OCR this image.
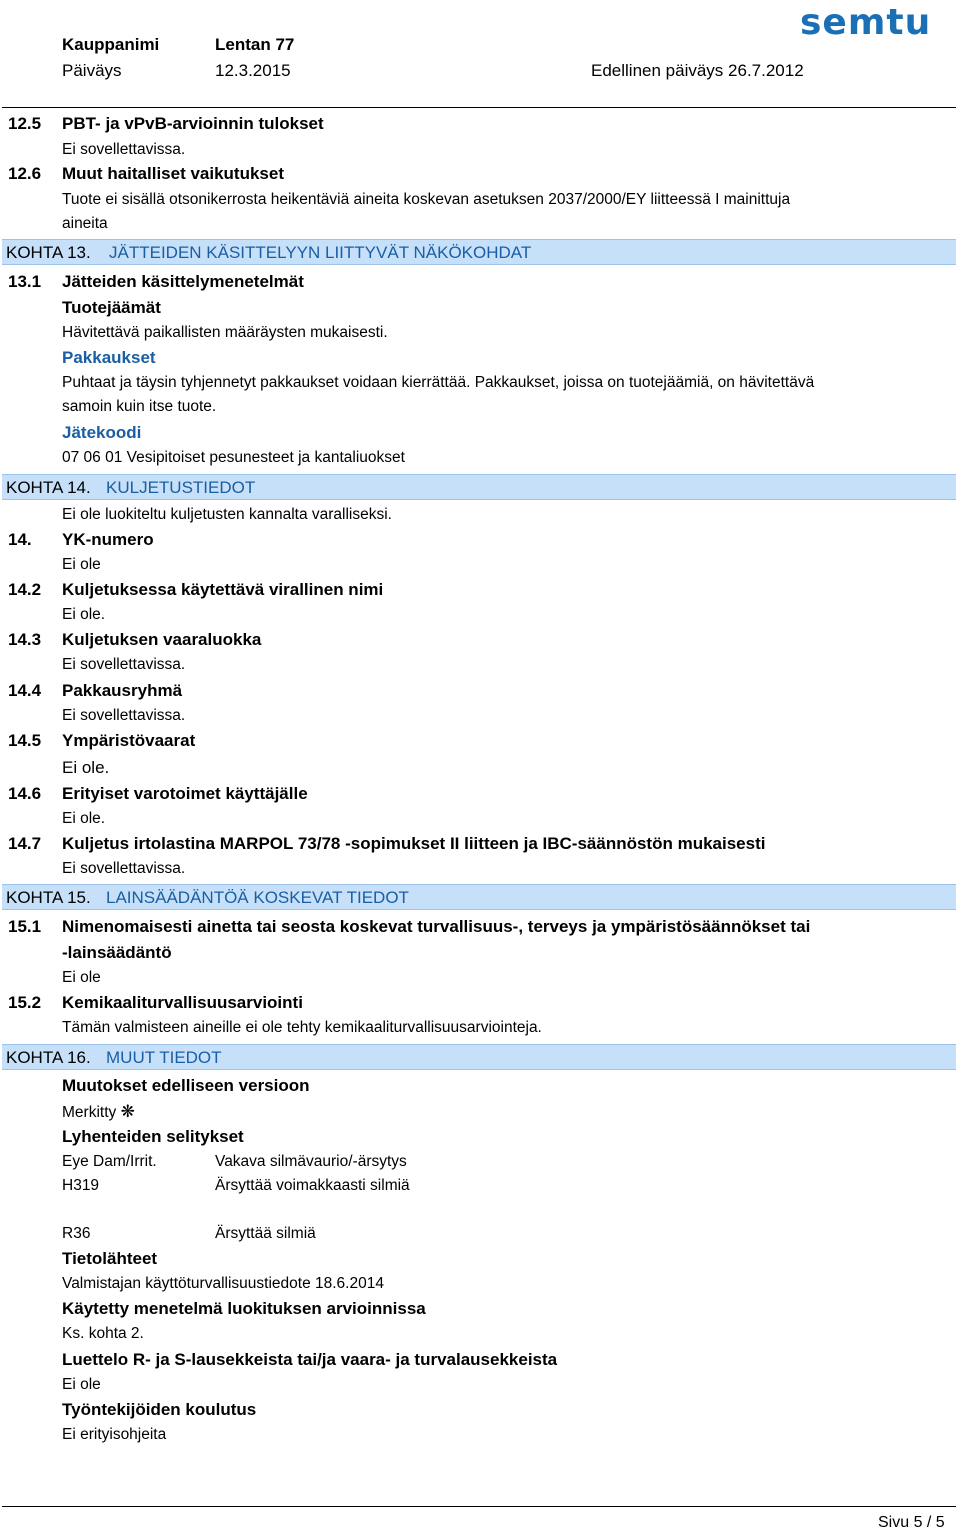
Kauppanimi	Lentan 77
Päiväys	12.3.2015	Edellinen päiväys 26.7.2012
semtu
12.5 PBT- ja vPvB-arvioinnin tulokset
Ei sovellettavissa.
12.6 Muut haitalliset vaikutukset
Tuote ei sisällä otsonikerrosta heikentäviä aineita koskevan asetuksen 2037/2000/EY liitteessä I mainittuja
aineita
KOHTA 13. JÄTTEIDEN KÄSITTELYYN LIITTYVÄT NÄKÖKOHDAT
13.1 Jätteiden käsittelymenetelmät
Tuotejäämät
Hävitettävä paikallisten määräysten mukaisesti.
Pakkaukset
Puhtaat ja täysin tyhjennetyt pakkaukset voidaan kierrättää. Pakkaukset, joissa on tuotejäämiä, on hävitettävä
samoin kuin itse tuote.
Jätekoodi
07 06 01 Vesipitoiset pesunesteet ja kantaliuokset
KOHTA 14. KULJETUSTIEDOT
Ei ole luokiteltu kuljetusten kannalta varalliseksi.
14. YK-numero
Ei ole
14.2 Kuljetuksessa käytettävä virallinen nimi
Ei ole.
14.3 Kuljetuksen vaaraluokka
Ei sovellettavissa.
14.4 Pakkausryhmä
Ei sovellettavissa.
14.5 Ympäristövaarat
Ei ole.
14.6 Erityiset varotoimet käyttäjälle
Ei ole.
14.7 Kuljetus irtolastina MARPOL 73/78 -sopimukset II liitteen ja IBC-säännöstön mukaisesti
Ei sovellettavissa.
KOHTA 15. LAINSÄÄDÄNTÖÄ KOSKEVAT TIEDOT
15.1 Nimenomaisesti ainetta tai seosta koskevat turvallisuus-, terveys ja ympäristösäännökset tai
-lainsäädäntö
Ei ole
15.2 Kemikaaliturvallisuusarviointi
Tämän valmisteen aineille ei ole tehty kemikaaliturvallisuusarviointeja.
KOHTA 16. MUUT TIEDOT
Muutokset edelliseen versioon
Merkitty ❋
Lyhenteiden selitykset
Eye Dam/Irrit.	Vakava silmävaurio/-ärsytys
H319	Ärsyttää voimakkaasti silmiä
R36	Ärsyttää silmiä
Tietolähteet
Valmistajan käyttöturvallisuustiedote 18.6.2014
Käytetty menetelmä luokituksen arvioinnissa
Ks. kohta 2.
Luettelo R- ja S-lausekkeista tai/ja vaara- ja turvalausekkeista
Ei ole
Työntekijöiden koulutus
Ei erityisohjeita
Sivu 5 / 5
